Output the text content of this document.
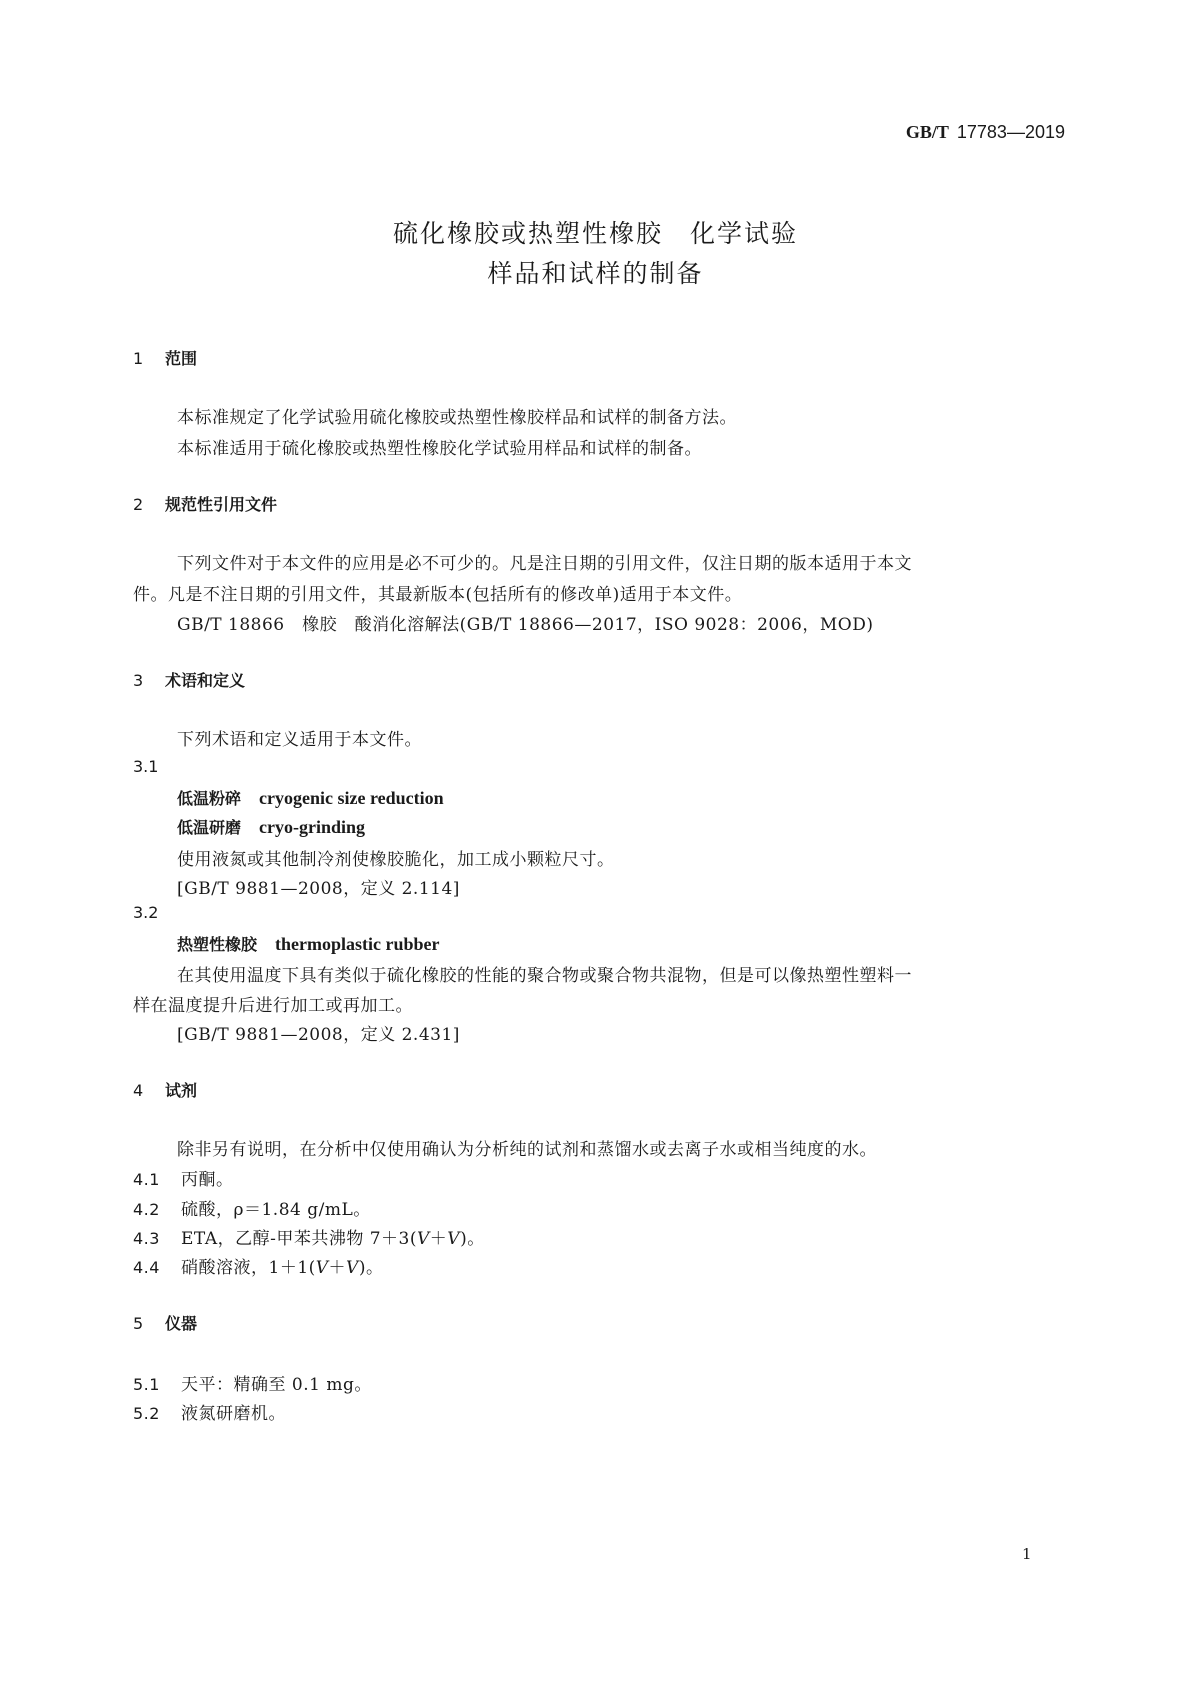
GB/T 17783—2019
硫化橡胶或热塑性橡胶　化学试验
样品和试样的制备
1 范围
本标准规定了化学试验用硫化橡胶或热塑性橡胶样品和试样的制备方法。
本标准适用于硫化橡胶或热塑性橡胶化学试验用样品和试样的制备。
2 规范性引用文件
下列文件对于本文件的应用是必不可少的。凡是注日期的引用文件，仅注日期的版本适用于本文
件。凡是不注日期的引用文件，其最新版本(包括所有的修改单)适用于本文件。
GB/T 18866　橡胶　酸消化溶解法(GB/T 18866—2017，ISO 9028：2006，MOD)
3 术语和定义
下列术语和定义适用于本文件。
3.1
低温粉碎 cryogenic size reduction
低温研磨 cryo-grinding
使用液氮或其他制冷剂使橡胶脆化，加工成小颗粒尺寸。
[GB/T 9881—2008，定义 2.114]
3.2
热塑性橡胶 thermoplastic rubber
在其使用温度下具有类似于硫化橡胶的性能的聚合物或聚合物共混物，但是可以像热塑性塑料一
样在温度提升后进行加工或再加工。
[GB/T 9881—2008，定义 2.431]
4 试剂
除非另有说明，在分析中仅使用确认为分析纯的试剂和蒸馏水或去离子水或相当纯度的水。
4.1 丙酮。
4.2 硫酸，ρ＝1.84 g/mL。
4.3 ETA，乙醇-甲苯共沸物 7＋3(V＋V)。
4.4 硝酸溶液，1＋1(V＋V)。
5 仪器
5.1 天平：精确至 0.1 mg。
5.2 液氮研磨机。
1
